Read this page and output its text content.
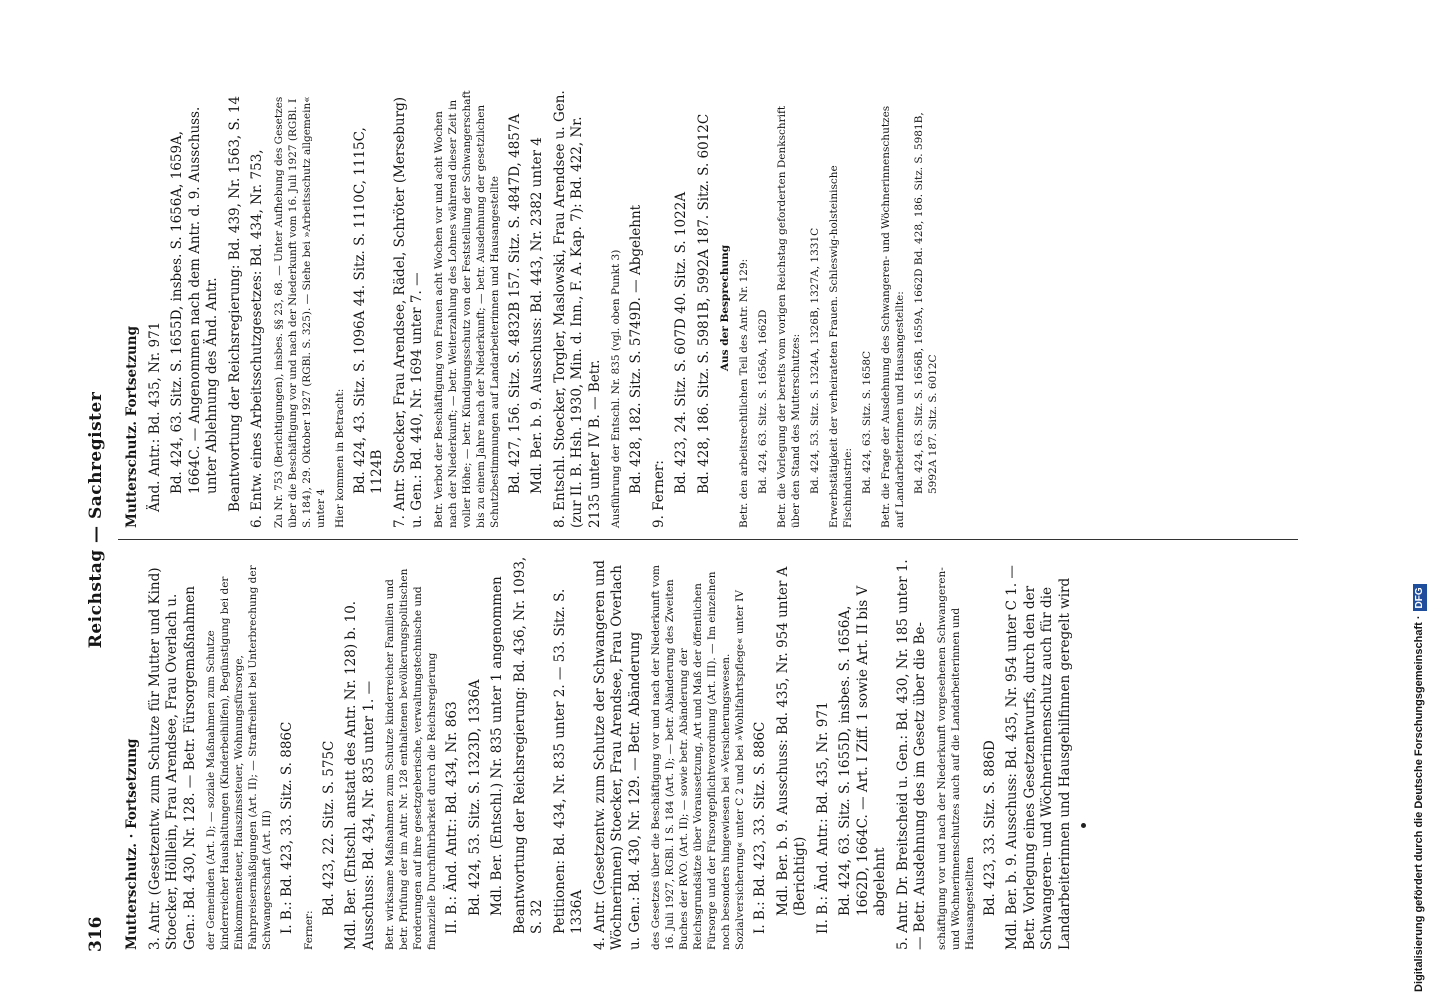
316
Reichstag — Sachregister
Mutterschutz. · Fortsetzung 3. Antr. (Gesetzentw. zum Schutze für Mutter und Kind) Stoecker, Hölllein, Frau Arendsee, Frau Overlach u. Gen.: Bd. 430, Nr. 128. — Betr. Fürsorgemaßnahmen der Gemeinden (Art. I); — soziale Maßnahmen zum Schutze kinderreicher Haushaltungen (Kinderbeihilfen), Begünstigung bei der Einkommensteuer, Hauszinssteuer, Wohnungsfürsorge, Fahrpreisermäßigungen (Art. II); — Straffreiheit bei Unterbrechung der Schwangerschaft (Art. III) I. B.: Bd. 423, 33. Sitz. S. 886C Ferner:
Bd. 423, 22. Sitz. S. 575C Mdl. Ber. (Entschl. anstatt des Antr. Nr. 128) b. 10. Ausschuss: Bd. 434, Nr. 835 unter 1. — Betr. wirksame Maßnahmen zum Schutze kinderreicher Familien und betr. Prüfung der im Antr. Nr. 128 enthaltenen bevölkerungspolitischen Forderungen auf ihre gesetzgeberische, verwaltungstechnische und finanzielle Durchführbarkeit durch die Reichsregierung II. B.: Änd. Antr.: Bd. 434, Nr. 863 Bd. 424, 53. Sitz. S. 1323D, 1336A Mdl. Ber. (Entschl.) Nr. 835 unter 1 angenommen Beantwortung der Reichsregierung: Bd. 436, Nr. 1093, S. 32 Petitionen: Bd. 434, Nr. 835 unter 2. — 53. Sitz. S. 1336A 4. Antr. (Gesetzentw. zum Schutze der Schwangeren und Wöchnerinnen) Stoecker, Frau Arendsee, Frau Overlach u. Gen.: Bd. 430, Nr. 129. — Betr. Abänderung des Gesetzes über die Beschäftigung vor und nach der Niederkunft vom 16. Juli 1927, RGBl. I S. 184 (Art. I); — betr. Abänderung des Zweiten Buches der RVO. (Art. II); — sowie betr. Abänderung der Reichsgrundsätze über Voraussetzung, Art und Maß der öffentlichen Fürsorge und der Fürsorgepflichtverordnung (Art. III). — Im einzelnen noch besonders hingewiesen bei »Versicherungswesen. Sozialversicherung« unter C 2 und bei »Wohlfahrtspflege« unter IV I. B.: Bd. 423, 33. Sitz. S. 886C Mdl. Ber. b. 9. Ausschuss: Bd. 435, Nr. 954 unter A (Berichtigt) II. B.: Änd. Antr.: Bd. 435, Nr. 971 Bd. 424, 63. Sitz. S. 1655D, insbes. S. 1656A, 1662D, 1664C. — Art. I Ziff. 1 sowie Art. II bis V abgelehnt 5. Antr. Dr. Breitscheid u. Gen.: Bd. 430, Nr. 185 unter 1. — Betr. Ausdehnung des im Gesetz über die Be- schäftigung vor und nach der Niederkunft vorgesehenen Schwangeren- und Wöchnerinnenschutzes auch auf die Landarbeiterinnen und Hausangestellten Bd. 423, 33. Sitz. S. 886D Mdl. Ber. b. 9. Ausschuss: Bd. 435, Nr. 954 unter C 1. — Betr. Vorlegung eines Gesetzentwurfs, durch den der Schwangeren- und Wöchnerinnenschutz auch für die Landarbeiterinnen und Hausgehilfinnen geregelt wird
Mutterschutz. Fortsetzung Änd. Antr.: Bd. 435, Nr. 971 Bd. 424, 63. Sitz. S. 1655D, insbes. S. 1656A, 1659A, 1664C. — Angenommen nach dem Antr. d. 9. Ausschuss. unter Ablehnung des Änd. Antr. Beantwortung der Reichsregierung: Bd. 439, Nr. 1563, S. 14 6. Entw. eines Arbeitsschutzgesetzes: Bd. 434, Nr. 753, Zu Nr. 753 (Berichtigungen), insbes. §§ 23, 68. — Unter Aufhebung des Gesetzes über die Beschäftigung vor und nach der Niederkunft vom 16. Juli 1927 (RGBl. I S. 184), 29. Oktober 1927 (RGBl. S. 325). — Siehe bei »Arbeitsschutz allgemein« unter 4 Hier kommen in Betracht: Bd. 424, 43. Sitz. S. 1096A 44. Sitz. S. 1110C, 1115C, 1124B 7. Antr. Stoecker, Frau Arendsee, Rädel, Schröter (Merseburg) u. Gen.: Bd. 440, Nr. 1694 unter 7. — Betr. Verbot der Beschäftigung von Frauen acht Wochen vor und acht Wochen nach der Niederkunft; — betr. Weiterzahlung des Lohnes während dieser Zeit in voller Höhe; — betr. Kündigungsschutz von der Feststellung der Schwangerschaft bis zu einem Jahre nach der Niederkunft; — betr. Ausdehnung der gesetzlichen Schutzbestimmungen auf Landarbeiterinnen und Hausangestellte Bd. 427, 156. Sitz. S. 4832B 157. Sitz. S. 4847D, 4857A Mdl. Ber. b. 9. Ausschuss: Bd. 443, Nr. 2382 unter 4 8. Entschl. Stoecker, Torgler, Maslowski, Frau Arendsee u. Gen. (zur II. B. Hsh. 1930, Min. d. Inn., F. A. Kap. 7): Bd. 422, Nr. 2135 unter IV B. — Betr. Ausführung der Entschl. Nr. 835 (vgl. oben Punkt 3) Bd. 428, 182. Sitz. S. 5749D. — Abgelehnt
9. Ferner:
Bd. 423, 24. Sitz. S. 607D 40. Sitz. S. 1022A Bd. 428, 186. Sitz. S. 5981B, 5992A 187. Sitz. S. 6012C Aus der Besprechung Betr. den arbeitsrechtlichen Teil des Antr. Nr. 129: Bd. 424, 63. Sitz. S. 1656A, 1662D Betr. die Vorlegung der bereits vom vorigen Reichstag geforderten Denkschrift über den Stand des Mutterschutzes: Bd. 424, 53. Sitz. S. 1324A, 1326B, 1327A, 1331C Erwerbstätigkeit der verheirateten Frauen. Schleswig-holsteinische Fischindustrie: Bd. 424, 63. Sitz. S. 1658C Betr. die Frage der Ausdehnung des Schwangeren- und Wöchnerinnenschutzes auf Landarbeiterinnen und Hausangestellte: Bd. 424, 63. Sitz. S. 1656B, 1659A, 1662D Bd. 428, 186. Sitz. S. 5981B, 5992A 187. Sitz. S. 6012C
Digitalisierung gefördert durch die Deutsche Forschungsgemeinschaft ·DFG
